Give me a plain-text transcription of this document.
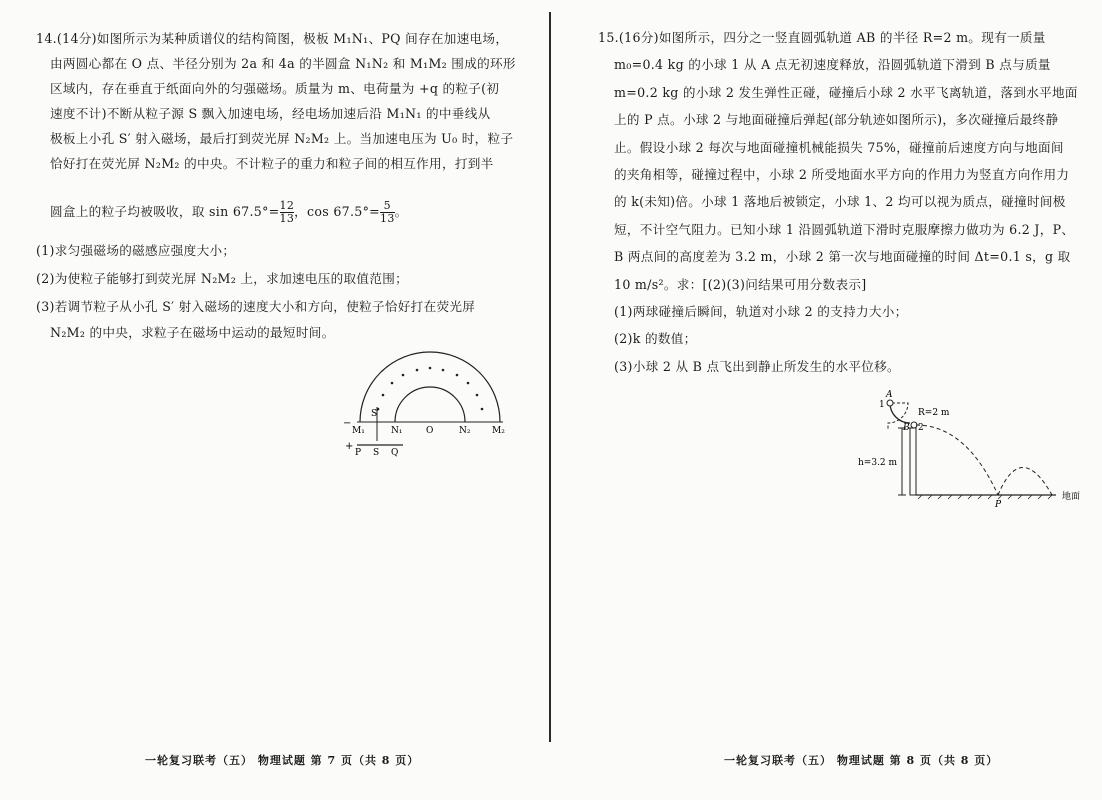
14.(14分)如图所示为某种质谱仪的结构简图，极板 M₁N₁、PQ 间存在加速电场，

由两圆心都在 O 点、半径分别为 2a 和 4a 的半圆盒 N₁N₂ 和 M₁M₂ 围成的环形

区域内，存在垂直于纸面向外的匀强磁场。质量为 m、电荷量为 +q 的粒子(初

速度不计)不断从粒子源 S 飘入加速电场，经电场加速后沿 M₁N₁ 的中垂线从

极板上小孔 S′ 射入磁场，最后打到荧光屏 N₂M₂ 上。当加速电压为 U₀ 时，粒子

恰好打在荧光屏 N₂M₂ 的中央。不计粒子的重力和粒子间的相互作用，打到半

圆盒上的粒子均被吸收，取 $\sin 67.5^\circ= \frac{12}{13}$ ，$\cos 67.5^\circ= \frac{5}{13}$ 。
(1)求匀强磁场的磁感应强度大小；
(2)为使粒子能够打到荧光屏 N₂M₂ 上，求加速电压的取值范围；
(3)若调节粒子从小孔 S′ 射入磁场的速度大小和方向，使粒子恰好打在荧光屏
N₂M₂ 的中央，求粒子在磁场中运动的最短时间。
S′
−
M₁	N₁	O	N₂ M₂
+
P S Q
一轮复习联考（五） 物理试题 第 7 页（共 8 页）

15.(16分)如图所示，四分之一竖直圆弧轨道 AB 的半径 R=2 m。现有一质量

m₀=0.4 kg 的小球 1 从 A 点无初速度释放，沿圆弧轨道下滑到 B 点与质量

m=0.2 kg 的小球 2 发生弹性正碰，碰撞后小球 2 水平飞离轨道，落到水平地面

上的 P 点。小球 2 与地面碰撞后弹起(部分轨迹如图所示)，多次碰撞后最终静

止。假设小球 2 每次与地面碰撞机械能损失 75%，碰撞前后速度方向与地面间

的夹角相等，碰撞过程中，小球 2 所受地面水平方向的作用力为竖直方向作用力

的 k(未知)倍。小球 1 落地后被锁定，小球 1、2 均可以视为质点，碰撞时间极

短，不计空气阻力。已知小球 1 沿圆弧轨道下滑时克服摩擦力做功为 6.2 J，P、

B 两点间的高度差为 3.2 m，小球 2 第一次与地面碰撞的时间 Δt=0.1 s，g 取

10 m/s²。求：[(2)(3)问结果可用分数表示]

(1)两球碰撞后瞬间，轨道对小球 2 的支持力大小；

(2)k 的数值；

(3)小球 2 从 B 点飞出到静止所发生的水平位移。

A
1
R=2 m
B 2
h=3.2 m
P
地面
一轮复习联考（五） 物理试题 第 8 页（共 8 页）
